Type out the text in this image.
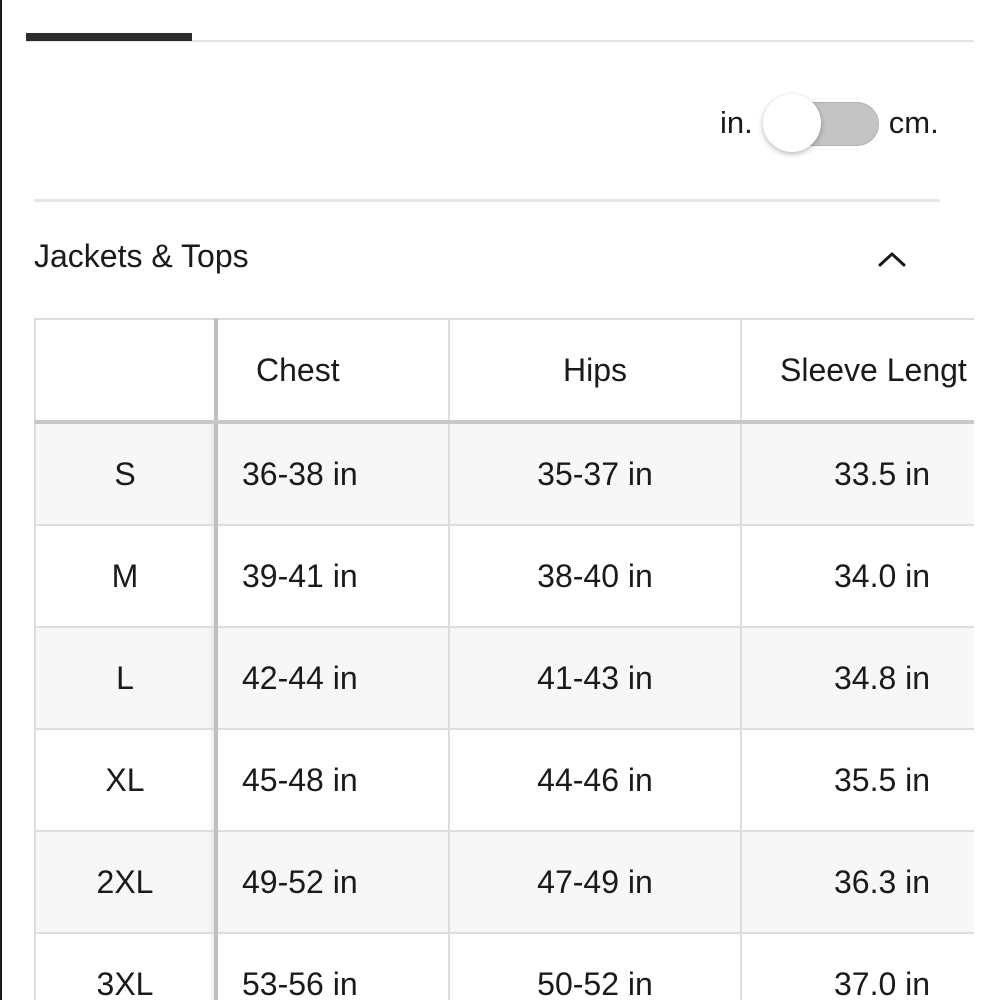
in.	cm.
Jackets & Tops
	Chest	Hips	Sleeve Lengt
S	36-38 in	35-37 in	33.5 in
M	39-41 in	38-40 in	34.0 in
L	42-44 in	41-43 in	34.8 in
XL	45-48 in	44-46 in	35.5 in
2XL	49-52 in	47-49 in	36.3 in
3XL	53-56 in	50-52 in	37.0 in
